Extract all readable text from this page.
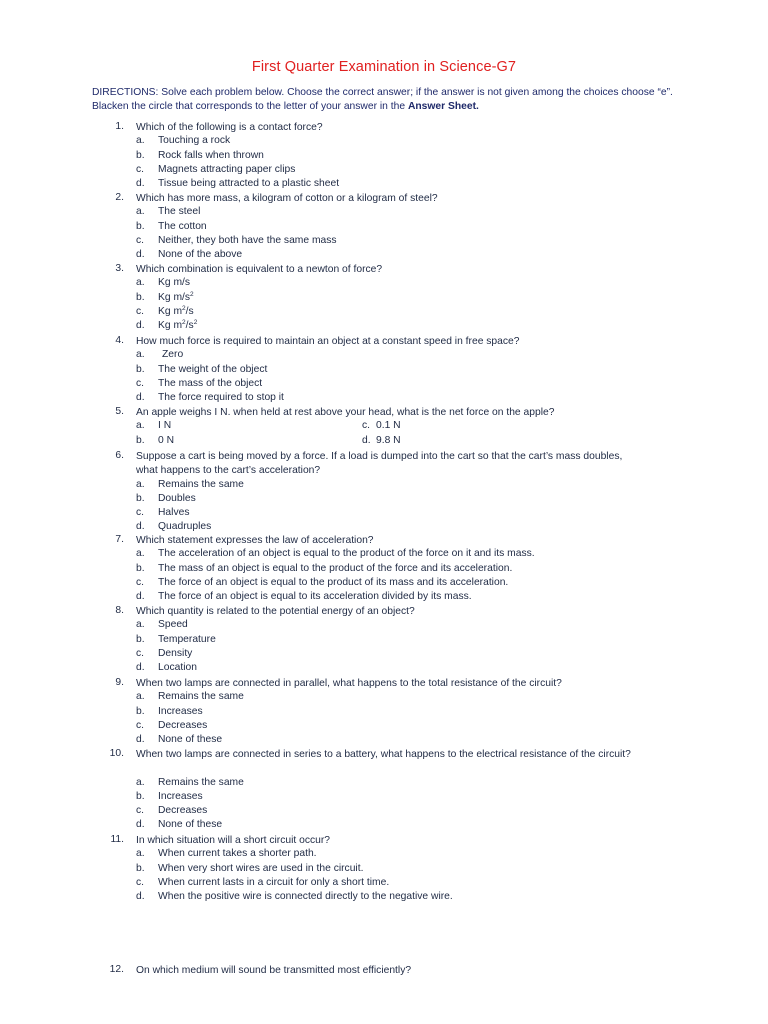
First Quarter Examination in Science-G7
DIRECTIONS: Solve each problem below. Choose the correct answer; if the answer is not given among the choices choose “e”. Blacken the circle that corresponds to the letter of your answer in the Answer Sheet.
1. Which of the following is a contact force?
a. Touching a rock
b. Rock falls when thrown
c. Magnets attracting paper clips
d. Tissue being attracted to a plastic sheet
2. Which has more mass, a kilogram of cotton or a kilogram of steel?
a. The steel
b. The cotton
c. Neither, they both have the same mass
d. None of the above
3. Which combination is equivalent to a newton of force?
a. Kg m/s
b. Kg $m/s^2$
c. Kg $m^2/s$
d. Kg $m^2/s^2$
4. How much force is required to maintain an object at a constant speed in free space?
a. Zero
b. The weight of the object
c. The mass of the object
d. The force required to stop it
5. An apple weighs I N. when held at rest above your head, what is the net force on the apple?
a. I N
b. 0 N
c. 0.1 N
d. 9.8 N
6. Suppose a cart is being moved by a force. If a load is dumped into the cart so that the cart’s mass doubles, what happens to the cart’s acceleration?
a. Remains the same
b. Doubles
c. Halves
d. Quadruples
7. Which statement expresses the law of acceleration?
a. The acceleration of an object is equal to the product of the force on it and its mass.
b. The mass of an object is equal to the product of the force and its acceleration.
c. The force of an object is equal to the product of its mass and its acceleration.
d. The force of an object is equal to its acceleration divided by its mass.
8. Which quantity is related to the potential energy of an object?
a. Speed
b. Temperature
c. Density
d. Location
9. When two lamps are connected in parallel, what happens to the total resistance of the circuit?
a. Remains the same
b. Increases
c. Decreases
d. None of these
10. When two lamps are connected in series to a battery, what happens to the electrical resistance of the circuit?
a. Remains the same
b. Increases
c. Decreases
d. None of these
11. In which situation will a short circuit occur?
a. When current takes a shorter path.
b. When very short wires are used in the circuit.
c. When current lasts in a circuit for only a short time.
d. When the positive wire is connected directly to the negative wire.
12. On which medium will sound be transmitted most efficiently?
